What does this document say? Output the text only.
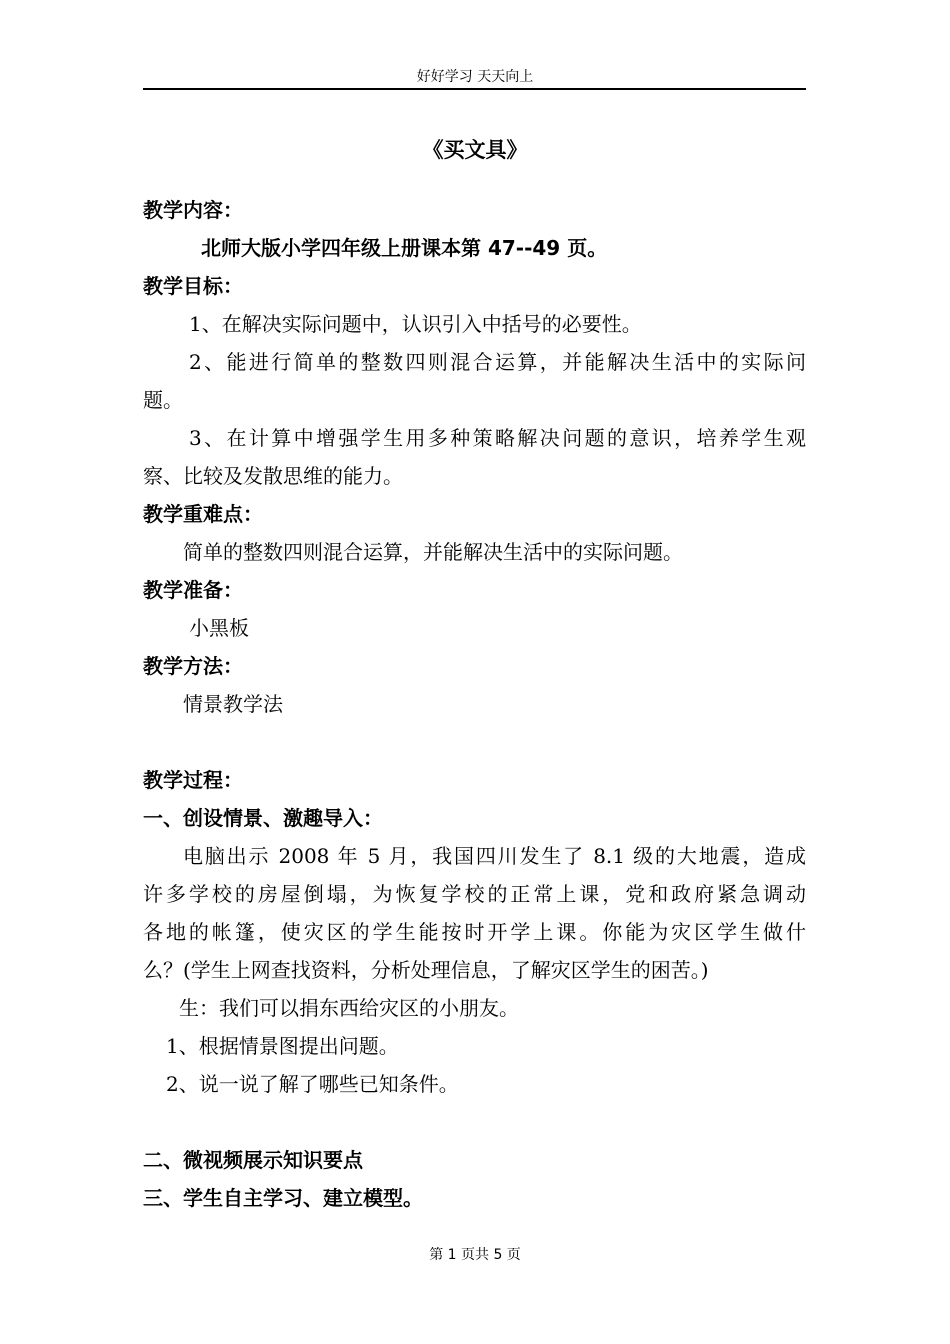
好好学习 天天向上
《买文具》
教学内容：
北师大版小学四年级上册课本第 47--49 页。
教学目标：
1、在解决实际问题中，认识引入中括号的必要性。
2、能进行简单的整数四则混合运算，并能解决生活中的实际问
题。
3、在计算中增强学生用多种策略解决问题的意识，培养学生观
察、比较及发散思维的能力。
教学重难点：
简单的整数四则混合运算，并能解决生活中的实际问题。
教学准备：
小黑板
教学方法：
情景教学法
教学过程：
一、创设情景、激趣导入：
电脑出示 2008 年 5 月，我国四川发生了 8.1 级的大地震，造成
许多学校的房屋倒塌，为恢复学校的正常上课，党和政府紧急调动
各地的帐篷，使灾区的学生能按时开学上课。你能为灾区学生做什
么？(学生上网查找资料，分析处理信息，了解灾区学生的困苦。)
生：我们可以捐东西给灾区的小朋友。
1、根据情景图提出问题。
2、说一说了解了哪些已知条件。
二、微视频展示知识要点
三、学生自主学习、建立模型。
第 1 页共 5 页
